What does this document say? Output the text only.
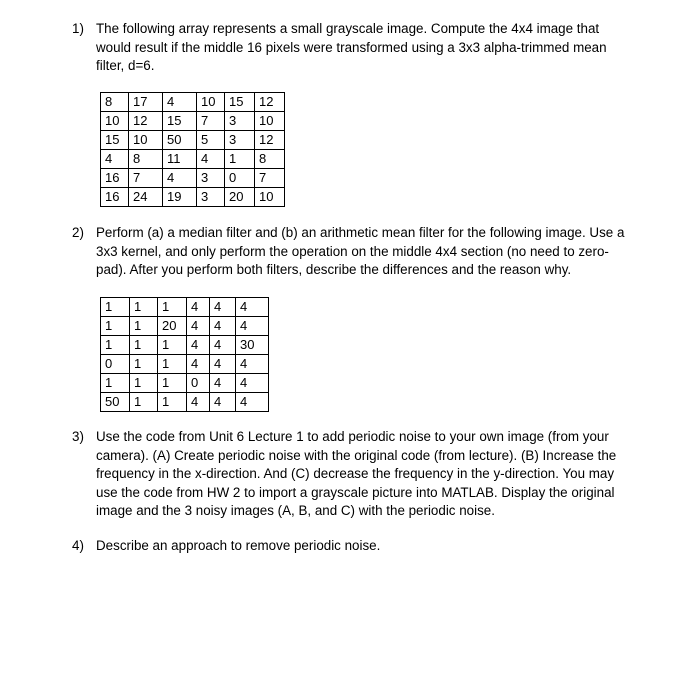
1) The following array represents a small grayscale image. Compute the 4x4 image that would result if the middle 16 pixels were transformed using a 3x3 alpha-trimmed mean filter, d=6.
8	17	4	10	15	12
10	12	15	7	3	10
15	10	50	5	3	12
4	8	11	4	1	8
16	7	4	3	0	7
16	24	19	3	20	10
2) Perform (a) a median filter and (b) an arithmetic mean filter for the following image. Use a 3x3 kernel, and only perform the operation on the middle 4x4 section (no need to zero-pad). After you perform both filters, describe the differences and the reason why.
1	1	1	4	4	4
1	1	20	4	4	4
1	1	1	4	4	30
0	1	1	4	4	4
1	1	1	0	4	4
50	1	1	4	4	4
3) Use the code from Unit 6 Lecture 1 to add periodic noise to your own image (from your camera). (A) Create periodic noise with the original code (from lecture). (B) Increase the frequency in the x-direction. And (C) decrease the frequency in the y-direction. You may use the code from HW 2 to import a grayscale picture into MATLAB. Display the original image and the 3 noisy images (A, B, and C) with the periodic noise.
4) Describe an approach to remove periodic noise.
